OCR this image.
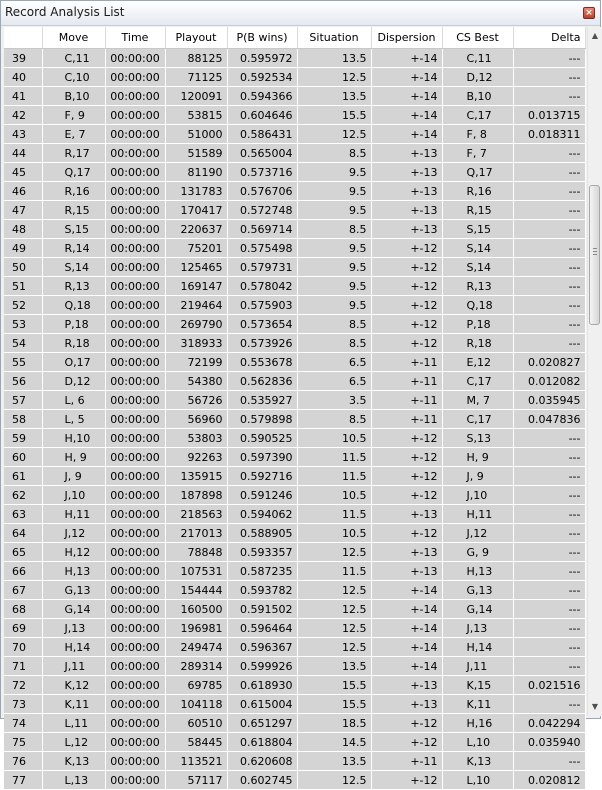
Record Analysis List	×
	Move	Time	Playout	P(B wins)	Situation	Dispersion	CS Best	Delta
39	C,11	00:00:00	88125	0.595972	13.5	+-14	C,11	---
40	C,10	00:00:00	71125	0.592534	12.5	+-14	D,12	---
41	B,10	00:00:00	120091	0.594366	13.5	+-14	B,10	---
42	F, 9	00:00:00	53815	0.604646	15.5	+-14	C,17	0.013715
43	E, 7	00:00:00	51000	0.586431	12.5	+-14	F, 8	0.018311
44	R,17	00:00:00	51589	0.565004	8.5	+-13	F, 7	---
45	Q,17	00:00:00	81190	0.573716	9.5	+-13	Q,17	---
46	R,16	00:00:00	131783	0.576706	9.5	+-13	R,16	---
47	R,15	00:00:00	170417	0.572748	9.5	+-13	R,15	---
48	S,15	00:00:00	220637	0.569714	8.5	+-13	S,15	---
49	R,14	00:00:00	75201	0.575498	9.5	+-12	S,14	---
50	S,14	00:00:00	125465	0.579731	9.5	+-12	S,14	---
51	R,13	00:00:00	169147	0.578042	9.5	+-12	R,13	---
52	Q,18	00:00:00	219464	0.575903	9.5	+-12	Q,18	---
53	P,18	00:00:00	269790	0.573654	8.5	+-12	P,18	---
54	R,18	00:00:00	318933	0.573926	8.5	+-12	R,18	---
55	O,17	00:00:00	72199	0.553678	6.5	+-11	E,12	0.020827
56	D,12	00:00:00	54380	0.562836	6.5	+-11	C,17	0.012082
57	L, 6	00:00:00	56726	0.535927	3.5	+-11	M, 7	0.035945
58	L, 5	00:00:00	56960	0.579898	8.5	+-11	C,17	0.047836
59	H,10	00:00:00	53803	0.590525	10.5	+-12	S,13	---
60	H, 9	00:00:00	92263	0.597390	11.5	+-12	H, 9	---
61	J, 9	00:00:00	135915	0.592716	11.5	+-12	J, 9	---
62	J,10	00:00:00	187898	0.591246	10.5	+-12	J,10	---
63	H,11	00:00:00	218563	0.594062	11.5	+-13	H,11	---
64	J,12	00:00:00	217013	0.588905	10.5	+-12	J,12	---
65	H,12	00:00:00	78848	0.593357	12.5	+-13	G, 9	---
66	H,13	00:00:00	107531	0.587235	11.5	+-13	H,13	---
67	G,13	00:00:00	154444	0.593782	12.5	+-14	G,13	---
68	G,14	00:00:00	160500	0.591502	12.5	+-14	G,14	---
69	J,13	00:00:00	196981	0.596464	12.5	+-14	J,13	---
70	H,14	00:00:00	249474	0.596367	12.5	+-14	H,14	---
71	J,11	00:00:00	289314	0.599926	13.5	+-14	J,11	---
72	K,12	00:00:00	69785	0.618930	15.5	+-13	K,15	0.021516
73	K,11	00:00:00	104118	0.615004	15.5	+-13	K,11	---
74	L,11	00:00:00	60510	0.651297	18.5	+-12	H,16	0.042294
75	L,12	00:00:00	58445	0.618804	14.5	+-12	L,10	0.035940
76	K,13	00:00:00	113521	0.620608	13.5	+-11	K,13	---
77	L,13	00:00:00	57117	0.602745	12.5	+-12	L,10	0.020812
▲
▼
